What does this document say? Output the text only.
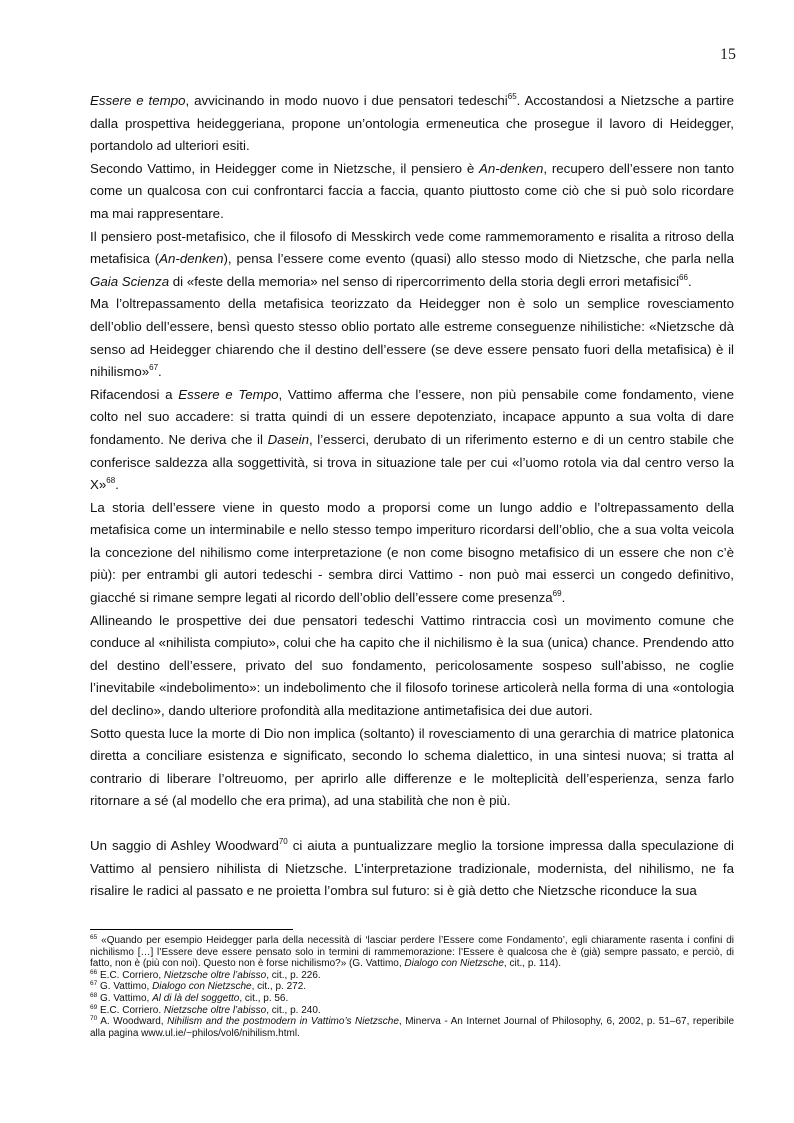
15

Essere e tempo, avvicinando in modo nuovo i due pensatori tedeschi$^{65}$. Accostandosi a Nietzsche a partire dalla prospettiva heideggeriana, propone un’ontologia ermeneutica che prosegue il lavoro di Heidegger, portandolo ad ulteriori esiti.

Secondo Vattimo, in Heidegger come in Nietzsche, il pensiero è An-denken, recupero dell’essere non tanto come un qualcosa con cui confrontarci faccia a faccia, quanto piuttosto come ciò che si può solo ricordare ma mai rappresentare.

Il pensiero post-metafisico, che il filosofo di Messkirch vede come rammemoramento e risalita a ritroso della metafisica (An-denken), pensa l’essere come evento (quasi) allo stesso modo di Nietzsche, che parla nella Gaia Scienza di «feste della memoria» nel senso di ripercorrimento della storia degli errori metafisici$^{66}$.

Ma l’oltrepassamento della metafisica teorizzato da Heidegger non è solo un semplice rovesciamento dell’oblio dell’essere, bensì questo stesso oblio portato alle estreme conseguenze nihilistiche: «Nietzsche dà senso ad Heidegger chiarendo che il destino dell’essere (se deve essere pensato fuori della metafisica) è il nihilismo»$^{67}$.

Rifacendosi a Essere e Tempo, Vattimo afferma che l’essere, non più pensabile come fondamento, viene colto nel suo accadere: si tratta quindi di un essere depotenziato, incapace appunto a sua volta di dare fondamento. Ne deriva che il Dasein, l’esserci, derubato di un riferimento esterno e di un centro stabile che conferisce saldezza alla soggettività, si trova in situazione tale per cui «l’uomo rotola via dal centro verso la X»$^{68}$.

La storia dell’essere viene in questo modo a proporsi come un lungo addio e l’oltrepassamento della metafisica come un interminabile e nello stesso tempo imperituro ricordarsi dell’oblio, che a sua volta veicola la concezione del nihilismo come interpretazione (e non come bisogno metafisico di un essere che non c’è più): per entrambi gli autori tedeschi - sembra dirci Vattimo - non può mai esserci un congedo definitivo, giacché si rimane sempre legati al ricordo dell’oblio dell’essere come presenza$^{69}$.

Allineando le prospettive dei due pensatori tedeschi Vattimo rintraccia così un movimento comune che conduce al «nihilista compiuto», colui che ha capito che il nichilismo è la sua (unica) chance. Prendendo atto del destino dell’essere, privato del suo fondamento, pericolosamente sospeso sull’abisso, ne coglie l’inevitabile «indebolimento»: un indebolimento che il filosofo torinese articolerà nella forma di una «ontologia del declino», dando ulteriore profondità alla meditazione antimetafisica dei due autori.

Sotto questa luce la morte di Dio non implica (soltanto) il rovesciamento di una gerarchia di matrice platonica diretta a conciliare esistenza e significato, secondo lo schema dialettico, in una sintesi nuova; si tratta al contrario di liberare l’oltreuomo, per aprirlo alle differenze e le molteplicità dell’esperienza, senza farlo ritornare a sé (al modello che era prima), ad una stabilità che non è più.

Un saggio di Ashley Woodward$^{70}$ ci aiuta a puntualizzare meglio la torsione impressa dalla speculazione di Vattimo al pensiero nihilista di Nietzsche. L’interpretazione tradizionale, modernista, del nihilismo, ne fa risalire le radici al passato e ne proietta l’ombra sul futuro: si è già detto che Nietzsche riconduce la sua

$^{65}$ «Quando per esempio Heidegger parla della necessità di ‘lasciar perdere l’Essere come Fondamento’, egli chiaramente rasenta i confini di nichilismo […] l’Essere deve essere pensato solo in termini di rammemorazione: l’Essere è qualcosa che è (già) sempre passato, e perciò, di fatto, non è (più con noi). Questo non è forse nichilismo?» (G. Vattimo, Dialogo con Nietzsche, cit., p. 114).

$^{66}$ E.C. Corriero, Nietzsche oltre l’abisso, cit., p. 226.

$^{67}$ G. Vattimo, Dialogo con Nietzsche, cit., p. 272.

$^{68}$ G. Vattimo, Al di là del soggetto, cit., p. 56.

$^{69}$ E.C. Corriero. Nietzsche oltre l’abisso, cit., p. 240.

$^{70}$ A. Woodward, Nihilism and the postmodern in Vattimo’s Nietzsche, Minerva - An Internet Journal of Philosophy, 6, 2002, p. 51–67, reperibile alla pagina www.ul.ie/~philos/vol6/nihilism.html.
